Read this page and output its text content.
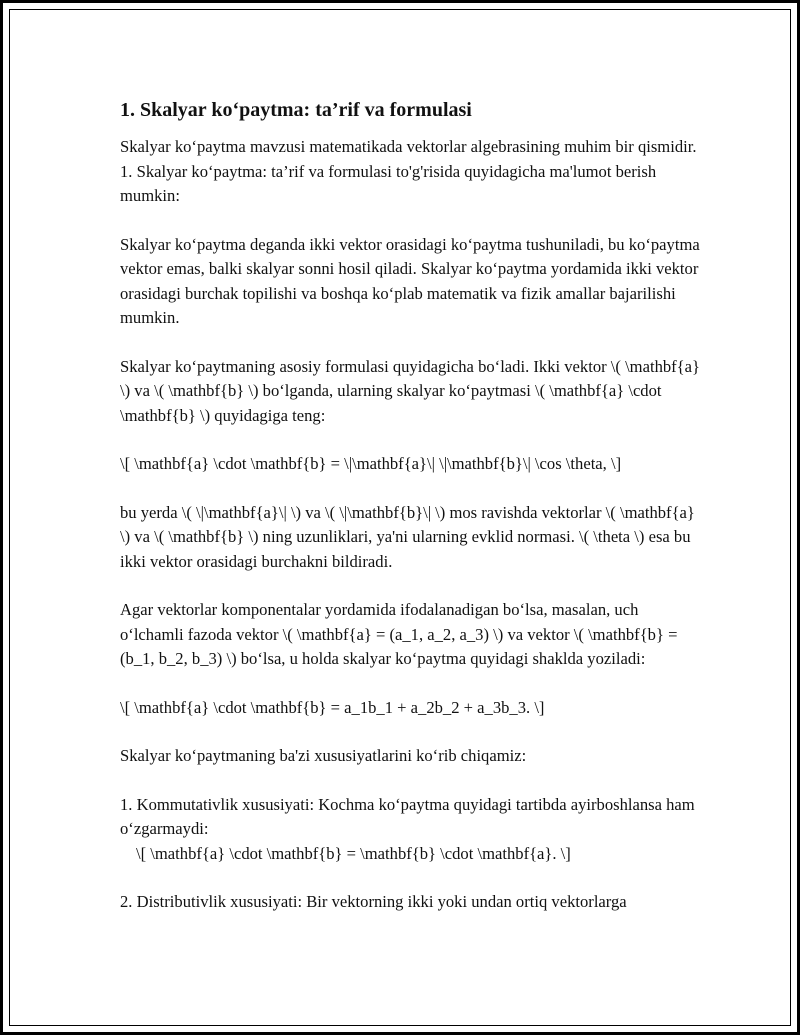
1. Skalyar ko‘paytma: ta’rif va formulasi

Skalyar ko‘paytma mavzusi matematikada vektorlar algebrasining muhim bir qismidir. 1. Skalyar ko‘paytma: ta’rif va formulasi to'g'risida quyidagicha ma'lumot berish mumkin:

Skalyar ko‘paytma deganda ikki vektor orasidagi ko‘paytma tushuniladi, bu ko‘paytma vektor emas, balki skalyar sonni hosil qiladi. Skalyar ko‘paytma yordamida ikki vektor orasidagi burchak topilishi va boshqa ko‘plab matematik va fizik amallar bajarilishi mumkin.

Skalyar ko‘paytmaning asosiy formulasi quyidagicha bo‘ladi. Ikki vektor \( \mathbf{a} \) va \( \mathbf{b} \) bo‘lganda, ularning skalyar ko‘paytmasi \( \mathbf{a} \cdot \mathbf{b} \) quyidagiga teng:

\[ \mathbf{a} \cdot \mathbf{b} = \|\mathbf{a}\| \|\mathbf{b}\| \cos \theta, \]

bu yerda \( \|\mathbf{a}\| \) va \( \|\mathbf{b}\| \) mos ravishda vektorlar \( \mathbf{a} \) va \( \mathbf{b} \) ning uzunliklari, ya'ni ularning evklid normasi. \( \theta \) esa bu ikki vektor orasidagi burchakni bildiradi.

Agar vektorlar komponentalar yordamida ifodalanadigan bo‘lsa, masalan, uch o‘lchamli fazoda vektor \( \mathbf{a} = (a_1, a_2, a_3) \) va vektor \( \mathbf{b} = (b_1, b_2, b_3) \) bo‘lsa, u holda skalyar ko‘paytma quyidagi shaklda yoziladi:

\[ \mathbf{a} \cdot \mathbf{b} = a_1b_1 + a_2b_2 + a_3b_3. \]

Skalyar ko‘paytmaning ba'zi xususiyatlarini ko‘rib chiqamiz:

1. Kommutativlik xususiyati: Kochma ko‘paytma quyidagi tartibda ayirboshlansa ham o‘zgarmaydi:

\[ \mathbf{a} \cdot \mathbf{b} = \mathbf{b} \cdot \mathbf{a}. \]

2. Distributivlik xususiyati: Bir vektorning ikki yoki undan ortiq vektorlarga
